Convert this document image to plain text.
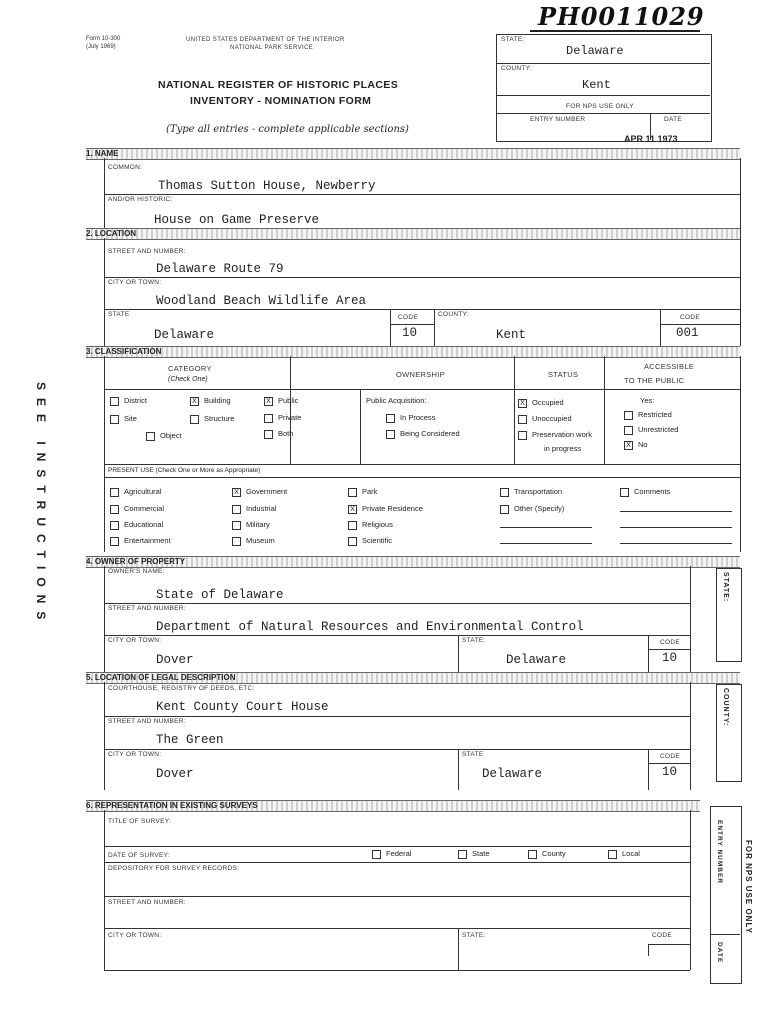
PH0011029
Form 10-300
(July 1969)
UNITED STATES DEPARTMENT OF THE INTERIOR
NATIONAL PARK SERVICE
NATIONAL REGISTER OF HISTORIC PLACES
INVENTORY - NOMINATION FORM
(Type all entries - complete applicable sections)
STATE:
Delaware
COUNTY:
Kent
FOR NPS USE ONLY
ENTRY NUMBER	DATE
APR 11 1973
SEE INSTRUCTIONS
1. NAME
COMMON:
Thomas Sutton House, Newberry
AND/OR HISTORIC:
House on Game Preserve
2. LOCATION
STREET AND NUMBER:
Delaware Route 79
CITY OR TOWN:
Woodland Beach Wildlife Area
STATE
Delaware
CODE
10
COUNTY:
Kent
CODE
001
3. CLASSIFICATION
CATEGORY
(Check One)
OWNERSHIP	STATUS
ACCESSIBLE
TO THE PUBLIC
District	X Building
Site	Structure
Object
X Public
Private
Both
Public Acquisition:
In Process
Being Considered
X Occupied
Unoccupied
Preservation work
in progress
Yes:
Restricted
Unrestricted
X No
PRESENT USE (Check One or More as Appropriate)
Agricultural	X Government	Park	Transportation	Comments
Commercial	Industrial	X Private Residence	Other (Specify)
Educational	Military	Religious
Entertainment	Museum	Scientific
4. OWNER OF PROPERTY
STATE:
OWNER'S NAME:
State of Delaware
STREET AND NUMBER:
Department of Natural Resources and Environmental Control
CITY OR TOWN:
Dover
STATE:
Delaware
CODE
10
5. LOCATION OF LEGAL DESCRIPTION
COUNTY:
COURTHOUSE, REGISTRY OF DEEDS, ETC:
Kent County Court House
STREET AND NUMBER:
The Green
CITY OR TOWN:
Dover
STATE
Delaware
CODE
10
6. REPRESENTATION IN EXISTING SURVEYS
ENTRY NUMBER
DATE
FOR NPS USE ONLY
TITLE OF SURVEY:
DATE OF SURVEY:	Federal	State	County	Local
DEPOSITORY FOR SURVEY RECORDS:
STREET AND NUMBER:
CITY OR TOWN:	STATE:	CODE
